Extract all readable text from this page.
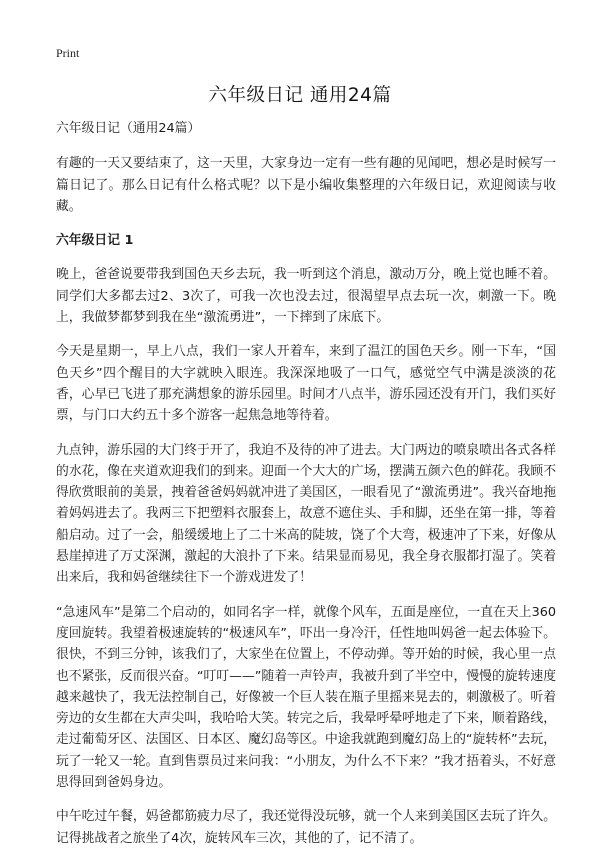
Print
六年级日记 通用24篇

六年级日记（通用24篇）

有趣的一天又要结束了，这一天里，大家身边一定有一些有趣的见闻吧，想必是时候写一篇日记了。那么日记有什么格式呢？以下是小编收集整理的六年级日记，欢迎阅读与收藏。

六年级日记 1

晚上，爸爸说要带我到国色天乡去玩，我一听到这个消息，激动万分，晚上觉也睡不着。同学们大多都去过2、3次了，可我一次也没去过，很渴望早点去玩一次，刺激一下。晚上，我做梦都梦到我在坐“激流勇进”，一下摔到了床底下。

今天是星期一，早上八点，我们一家人开着车，来到了温江的国色天乡。刚一下车，“国色天乡”四个醒目的大字就映入眼连。我深深地吸了一口气，感觉空气中满是淡淡的花香，心早已飞进了那充满想象的游乐园里。时间才八点半，游乐园还没有开门，我们买好票，与门口大约五十多个游客一起焦急地等待着。

九点钟，游乐园的大门终于开了，我迫不及待的冲了进去。大门两边的喷泉喷出各式各样的水花，像在夹道欢迎我们的到来。迎面一个大大的广场，摆满五颜六色的鲜花。我顾不得欣赏眼前的美景，拽着爸爸妈妈就冲进了美国区，一眼看见了“激流勇进”。我兴奋地拖着妈妈进去了。我两三下把塑料衣服套上，故意不遮住头、手和脚，还坐在第一排，等着船启动。过了一会，船缓缓地上了二十米高的陡坡，饶了个大弯，极速冲了下来，好像从悬崖掉进了万丈深渊，激起的大浪扑了下来。结果显而易见，我全身衣服都打湿了。笑着出来后，我和妈爸继续往下一个游戏进发了！

“急速风车”是第二个启动的，如同名字一样，就像个风车，五面是座位，一直在天上360度回旋转。我望着极速旋转的“极速风车”，吓出一身冷汗，任性地叫妈爸一起去体验下。很快，不到三分钟，该我们了，大家坐在位置上，不停动弹。等开始的时候，我心里一点也不紧张，反而很兴奋。“叮叮——”随着一声铃声，我被升到了半空中，慢慢的旋转速度越来越快了，我无法控制自己，好像被一个巨人装在瓶子里摇来晃去的，刺激极了。听着旁边的女生都在大声尖叫，我哈哈大笑。转完之后，我晕呼晕呼地走了下来，顺着路线，走过葡萄牙区、法国区、日本区、魔幻岛等区。中途我就跑到魔幻岛上的“旋转杯”去玩，玩了一轮又一轮。直到售票员过来问我：“小朋友，为什么不下来？”我才捂着头，不好意思得回到爸妈身边。

中午吃过午餐，妈爸都筋疲力尽了，我还觉得没玩够，就一个人来到美国区去玩了许久。记得挑战者之旅坐了4次，旋转风车三次，其他的了，记不清了。
